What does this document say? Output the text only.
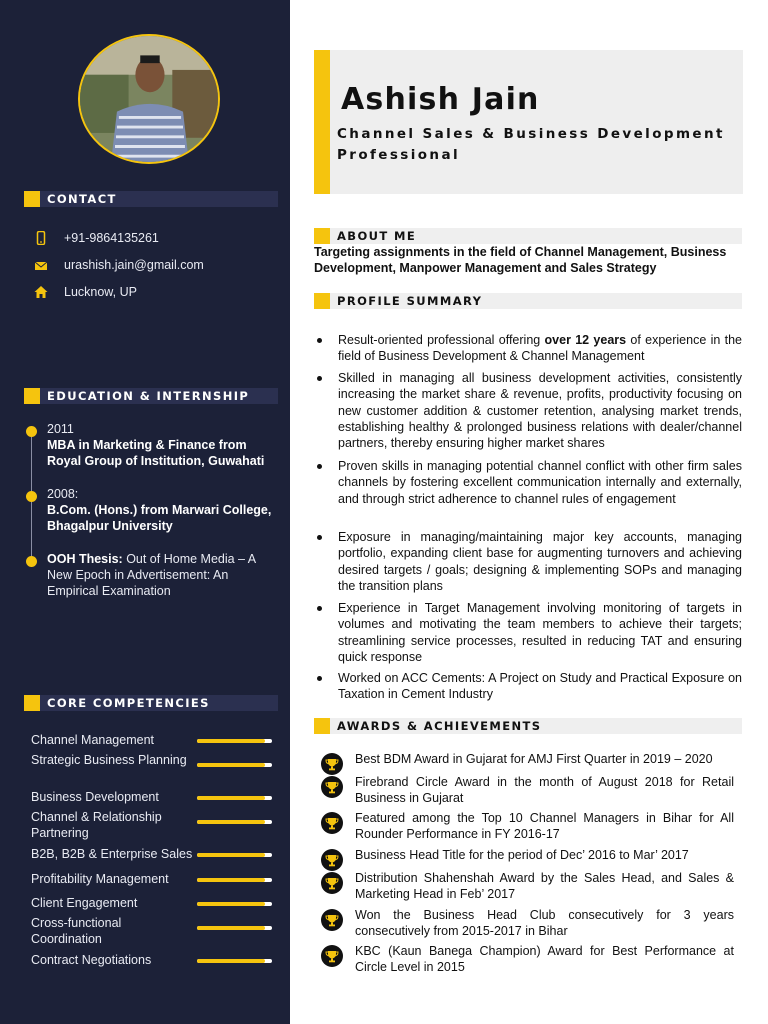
CONTACT
+91-9864135261
urashish.jain@gmail.com
Lucknow, UP
EDUCATION & INTERNSHIP
2011
MBA in Marketing & Finance from Royal Group of Institution, Guwahati
2008:
B.Com. (Hons.) from Marwari College, Bhagalpur University
OOH Thesis: Out of Home Media – A New Epoch in Advertisement: An Empirical Examination
CORE COMPETENCIES
Channel Management
Strategic Business Planning
Business Development
Channel & Relationship Partnering
B2B, B2B & Enterprise Sales
Profitability Management
Client Engagement
Cross-functional Coordination
Contract Negotiations
Ashish Jain
Channel Sales & Business Development Professional
ABOUT ME
Targeting assignments in the field of Channel Management, Business Development, Manpower Management and Sales Strategy
PROFILE SUMMARY
Result-oriented professional offering over 12 years of experience in the field of Business Development & Channel Management
Skilled in managing all business development activities, consistently increasing the market share & revenue, profits, productivity focusing on new customer addition & customer retention, analysing market trends, establishing healthy & prolonged business relations with dealer/channel partners, thereby ensuring higher market shares
Proven skills in managing potential channel conflict with other firm sales channels by fostering excellent communication internally and externally, and through strict adherence to channel rules of engagement
Exposure in managing/maintaining major key accounts, managing portfolio, expanding client base for augmenting turnovers and achieving desired targets / goals; designing & implementing SOPs and managing the transition plans
Experience in Target Management involving monitoring of targets in volumes and motivating the team members to achieve their targets; streamlining service processes, resulted in reducing TAT and ensuring quick response
Worked on ACC Cements: A Project on Study and Practical Exposure on Taxation in Cement Industry
AWARDS & ACHIEVEMENTS
Best BDM Award in Gujarat for AMJ First Quarter in 2019 – 2020
Firebrand Circle Award in the month of August 2018 for Retail Business in Gujarat
Featured among the Top 10 Channel Managers in Bihar for All Rounder Performance in FY 2016-17
Business Head Title for the period of Dec’ 2016 to Mar’ 2017
Distribution Shahenshah Award by the Sales Head, and Sales & Marketing Head in Feb’ 2017
Won the Business Head Club consecutively for 3 years consecutively from 2015-2017 in Bihar
KBC (Kaun Banega Champion) Award for Best Performance at Circle Level in 2015
